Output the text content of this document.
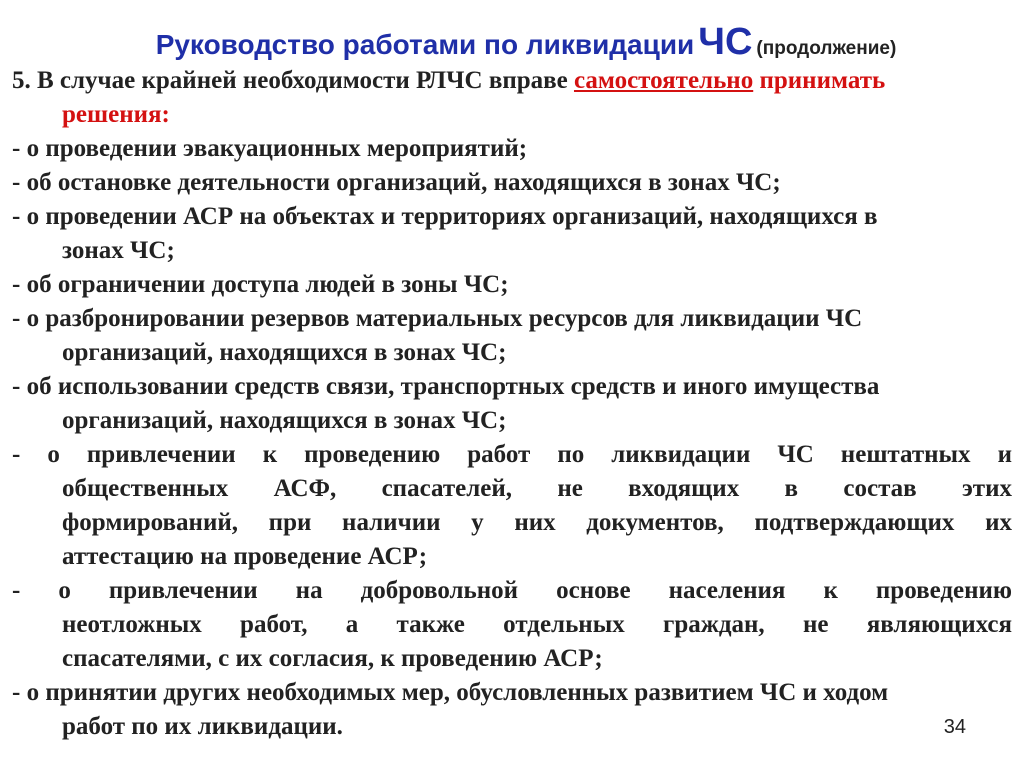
Руководство работами по ликвидации ЧС (продолжение)
5. В случае крайней необходимости РЛЧС вправе самостоятельно принимать
решения:
- о проведении эвакуационных мероприятий;
- об остановке деятельности организаций, находящихся в зонах ЧС;
- о проведении АСР на объектах и территориях организаций, находящихся в
зонах ЧС;
- об ограничении доступа людей в зоны ЧС;
- о разбронировании резервов материальных ресурсов для ликвидации ЧС
организаций, находящихся в зонах ЧС;
- об использовании средств связи, транспортных средств и иного имущества
организаций, находящихся в зонах ЧС;
- о привлечении к проведению работ по ликвидации ЧС нештатных и
общественных АСФ, спасателей, не входящих в состав этих
формирований, при наличии у них документов, подтверждающих их
аттестацию на проведение АСР;
- о привлечении на добровольной основе населения к проведению
неотложных работ, а также отдельных граждан, не являющихся
спасателями, с их согласия, к проведению АСР;
- о принятии других необходимых мер, обусловленных развитием ЧС и ходом
работ по их ликвидации.	34
